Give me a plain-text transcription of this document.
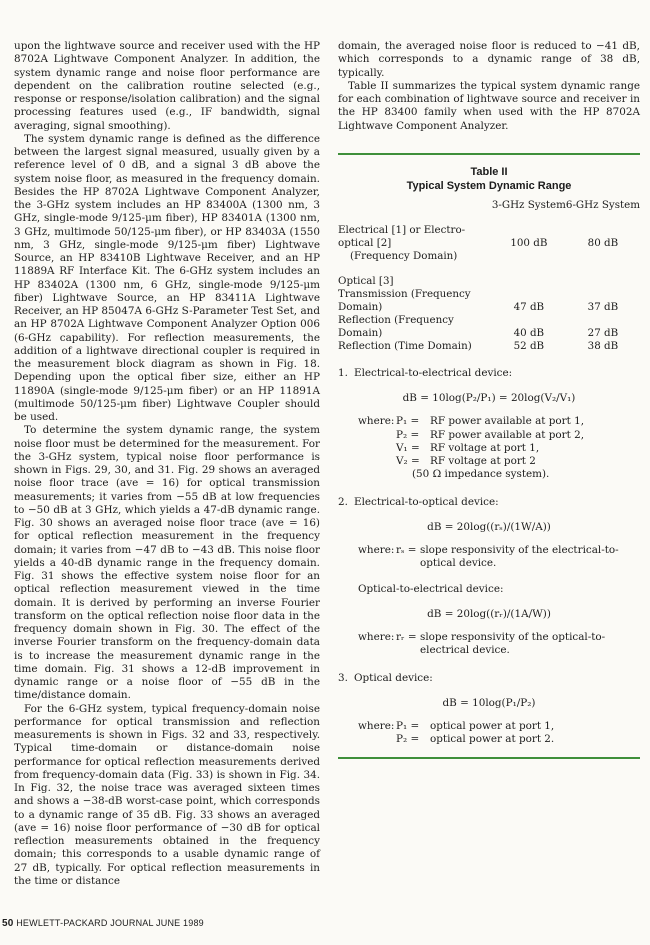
upon the lightwave source and receiver used with the HP 8702A Lightwave Component Analyzer. In addition, the system dynamic range and noise floor performance are dependent on the calibration routine selected (e.g., response or response/isolation calibration) and the signal processing features used (e.g., IF bandwidth, signal averaging, signal smoothing).

The system dynamic range is defined as the difference between the largest signal measured, usually given by a reference level of 0 dB, and a signal 3 dB above the system noise floor, as measured in the frequency domain. Besides the HP 8702A Lightwave Component Analyzer, the 3-GHz system includes an HP 83400A (1300 nm, 3 GHz, single-mode 9/125-μm fiber), HP 83401A (1300 nm, 3 GHz, multimode 50/125-μm fiber), or HP 83403A (1550 nm, 3 GHz, single-mode 9/125-μm fiber) Lightwave Source, an HP 83410B Lightwave Receiver, and an HP 11889A RF Interface Kit. The 6-GHz system includes an HP 83402A (1300 nm, 6 GHz, single-mode 9/125-μm fiber) Lightwave Source, an HP 83411A Lightwave Receiver, an HP 85047A 6-GHz S-Parameter Test Set, and an HP 8702A Lightwave Component Analyzer Option 006 (6-GHz capability). For reflection measurements, the addition of a lightwave directional coupler is required in the measurement block diagram as shown in Fig. 18. Depending upon the optical fiber size, either an HP 11890A (single-mode 9/125-μm fiber) or an HP 11891A (multimode 50/125-μm fiber) Lightwave Coupler should be used.

To determine the system dynamic range, the system noise floor must be determined for the measurement. For the 3-GHz system, typical noise floor performance is shown in Figs. 29, 30, and 31. Fig. 29 shows an averaged noise floor trace (ave = 16) for optical transmission measurements; it varies from −55 dB at low frequencies to −50 dB at 3 GHz, which yields a 47-dB dynamic range. Fig. 30 shows an averaged noise floor trace (ave = 16) for optical reflection measurement in the frequency domain; it varies from −47 dB to −43 dB. This noise floor yields a 40-dB dynamic range in the frequency domain. Fig. 31 shows the effective system noise floor for an optical reflection measurement viewed in the time domain. It is derived by performing an inverse Fourier transform on the optical reflection noise floor data in the frequency domain shown in Fig. 30. The effect of the inverse Fourier transform on the frequency-domain data is to increase the measurement dynamic range in the time domain. Fig. 31 shows a 12-dB improvement in dynamic range or a noise floor of −55 dB in the time/distance domain.

For the 6-GHz system, typical frequency-domain noise performance for optical transmission and reflection measurements is shown in Figs. 32 and 33, respectively. Typical time-domain or distance-domain noise performance for optical reflection measurements derived from frequency-domain data (Fig. 33) is shown in Fig. 34. In Fig. 32, the noise trace was averaged sixteen times and shows a −38-dB worst-case point, which corresponds to a dynamic range of 35 dB. Fig. 33 shows an averaged (ave = 16) noise floor performance of −30 dB for optical reflection measurements obtained in the frequency domain; this corresponds to a usable dynamic range of 27 dB, typically. For optical reflection measurements in the time or distance

domain, the averaged noise floor is reduced to −41 dB, which corresponds to a dynamic range of 38 dB, typically.

Table II summarizes the typical system dynamic range for each combination of lightwave source and receiver in the HP 83400 family when used with the HP 8702A Lightwave Component Analyzer.

Table II
Typical System Dynamic Range
	3-GHz System	6-GHz System

Electrical [1] or Electro-
optical [2]
(Frequency Domain)	100 dB	80 dB

Optical [3]		
Transmission (Frequency Domain)	47 dB	37 dB
Reflection (Frequency Domain)	40 dB	27 dB
Reflection (Time Domain)	52 dB	38 dB
1. Electrical-to-electrical device:
dB = 10log(P₂/P₁) = 20log(V₂/V₁)
where: P₁ =	RF power available at port 1,
P₂ =	RF power available at port 2,
V₁ = RF voltage at port 1,
V₂ = RF voltage at port 2
(50 Ω impedance system).
2. Electrical-to-optical device:
dB = 20log((rₛ)/(1W/A))
where: rₛ = slope responsivity of the electrical-to-optical device.
Optical-to-electrical device:
dB = 20log((rᵣ)/(1A/W))
where: rᵣ = slope responsivity of the optical-to-electrical device.
3. Optical device:
dB = 10log(P₁/P₂)
where: P₁ =	optical power at port 1,
P₂ =	optical power at port 2.
50 HEWLETT-PACKARD JOURNAL JUNE 1989
